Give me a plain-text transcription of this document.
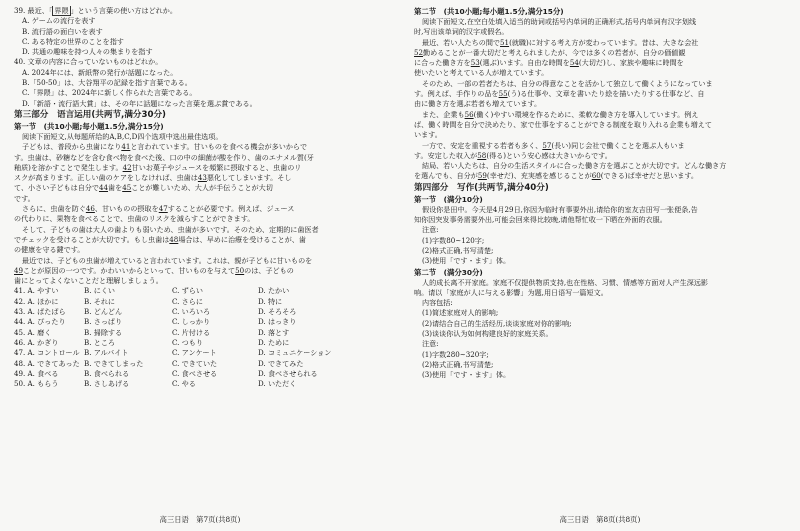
39. 最近、「 界隈 」という言葉の使い方はどれか。
A. ゲームの流行を表す
B. 流行語の面白いを表す
C. ある特定の世界のことを指す
D. 共通の趣味を持つ人々の集まりを指す
40. 文章の内容に合っていないものはどれか。
A. 2024年には、新紙幣の発行が話題になった。
B.「50-50」は、大谷翔平の記録を指す言葉である。
C.「界隈」は、2024年に新しく作られた言葉である。
D.「新語・流行語大賞」は、その年に話題になった言葉を選ぶ賞である。
第三部分　语言运用(共两节,满分30分)
第一节　(共10小题;每小题1.5分,满分15分)
阅读下面短文,从每题所给的A,B,C,D四个选项中选出最佳选项。
子どもは、普段から虫歯になり41と言われています。甘いものを食べる機会が多いからで
す。虫歯は、砂糖などを含む食べ物を食べた後、口の中の細菌が酸を作り、歯のエナメル質(牙
釉质)を溶かすことで発生します。42甘いお菓子やジュースを頻繁に摂取すると、虫歯のリ
スクが高まります。正しい歯のケアをしなければ、虫歯は43悪化してしまいます。そし
て、小さい子どもは自分で44歯を45ことが難しいため、大人が手伝うことが大切
です。
さらに、虫歯を防ぐ46、甘いものの摂取を47することが必要です。例えば、ジュース
の代わりに、果物を食べることで、虫歯のリスクを減らすことができます。
そして、子どもの歯は大人の歯よりも弱いため、虫歯が多いです。そのため、定期的に歯医者
でチェックを受けることが大切です。もし虫歯は48場合は、早めに治療を受けることが、歯
の健康を守る鍵です。
最近では、子どもの虫歯が増えていると言われています。これは、親が子どもに甘いものを
49ことが原因の一つです。かわいいからといって、甘いものを与えて50のは、子どもの
歯にとってよくないことだと理解しましょう。
41. A. やすい	B. にくい	C. ずらい	D. たかい
42. A. ほかに	B. それに	C. さらに	D. 特に
43. A. ぱたぱら	B. どんどん	C. いろいろ	D. そろそろ
44. A. ぴったり	B. さっぱり	C. しっかり	D. はっきり
45. A. 磨く	B. 掃除する	C. 片付ける	D. 落とす
46. A. かぎり	B. ところ	C. つもり	D. ために
47. A. コントロール B. アルバイト	C. アンケート	D. コミュニケーション
48. A. できてあった B. できてしまった	C. できていた	D. できてみた
49. A. 食べる	B. 食べられる	C. 食べさせる	D. 食べさせられる
50. A. もらう	B. さしあげる	C. やる	D. いただく
高三日语　第7页(共8页)
第二节　(共10小题;每小题1.5分,满分15分)
阅读下面短文,在空白处填入适当的助词或括号内单词的正确形式,括号内单词有汉字划线
时,写出该单词的汉字或假名。
最近、若い人たちの間で51(就職)に対する考え方が変わっています。昔は、大きな会社
52勤めることが一番大切だと考えられましたが、今では多くの若者が、自分の価値観
に合った働き方を53(選ぶ)います。自由な時間を54(大切だ)し、家族や趣味に時間を
使いたいと考えている人が増えています。
そのため、一部の若者たちは、自分の得意なことを活かして独立して働くようになっていま
す。例えば、手作りの品を55(う)る仕事や、文章を書いたり絵を描いたりする仕事など、自
由に働き方を選ぶ若者も増えています。
また、企業も56(働く)やすい環境を作るために、柔軟な働き方を導入しています。例え
ば、働く時間を自分で決めたり、家で仕事をすることができる制度を取り入れる企業も増えて
います。
一方で、安定を重視する若者も多く、57(長い)同じ会社で働くことを選ぶ人もいま
す。安定した収入が58(得る)という安心感は大きいからです。
結局、若い人たちは、自分の生活スタイルに合った働き方を選ぶことが大切です。どんな働き方
を選んでも、自分が59(幸せだ)、充実感を感じることが60(できる)ば幸せだと思います。
第四部分　写作(共两节,满分40分)
第一节　(满分10分)
假设你是田中。今天是4月29日,你因为临时有事要外出,请给你的室友吉田写一张便条,告
知你因突发事务需要外出,可能会回来得比较晚,请他帮忙收一下晒在外面的衣服。
注意:
(1)字数80~120字;
(2)格式正确,书写清楚;
(3)使用「です・ます」体。
第二节　(满分30分)
人的成长离不开家庭。家庭不仅提供物质支持,也在性格、习惯、情感等方面对人产生深远影
响。请以「家庭が人に与える影響」为题,用日语写一篇短文。
内容包括:
(1)简述家庭对人的影响;
(2)请结合自己的生活经历,谈谈家庭对你的影响;
(3)谈谈你认为如何构建良好的家庭关系。
注意:
(1)字数280~320字;
(2)格式正确,书写清楚;
(3)使用「です・ます」体。
高三日语　第8页(共8页)
